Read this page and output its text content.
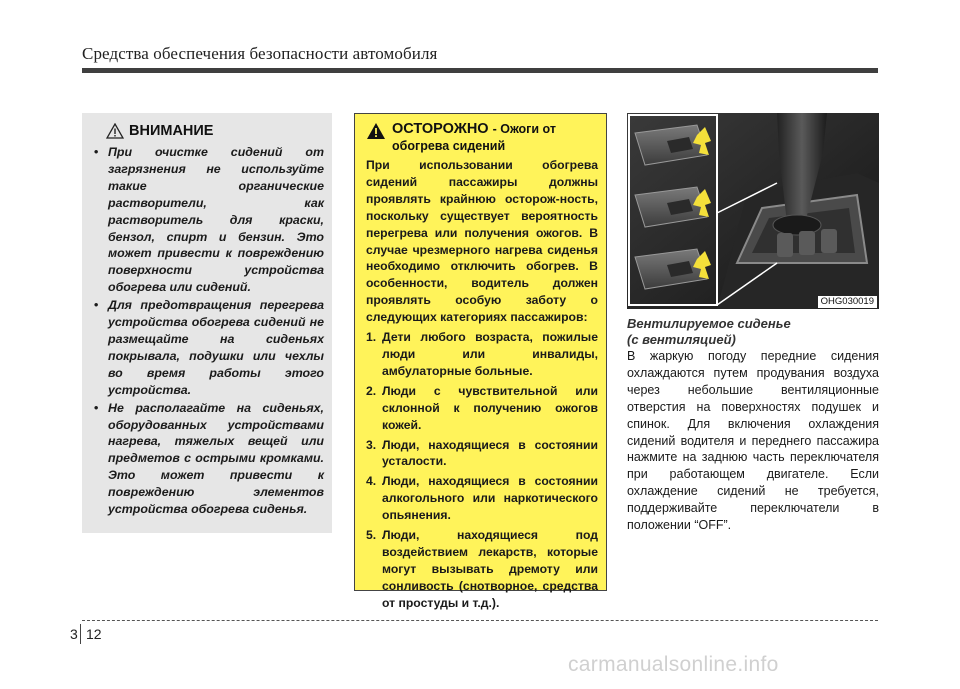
Средства обеспечения безопасности автомобиля
ВНИМАНИЕ
• При очистке сидений от загрязнения не используйте такие органические растворители, как растворитель для краски, бензол, спирт и бензин. Это может привести к повреждению поверхности устройства обогрева или сидений.
• Для предотвращения перегрева устройства обогрева сидений не размещайте на сиденьях покрывала, подушки или чехлы во время работы этого устройства.
• Не располагайте на сиденьях, оборудованных устройствами нагрева, тяжелых вещей или предметов с острыми кромками. Это может привести к повреждению элементов устройства обогрева сиденья.
ОСТОРОЖНО - Ожоги от обогрева сидений

При использовании обогрева сидений пассажиры должны проявлять крайнюю осторож-ность, поскольку существует вероятность перегрева или получения ожогов. В случае чрезмерного нагрева сиденья необходимо отключить обогрев. В особенности, водитель должен проявлять особую заботу о следующих категориях пассажиров:

1. Дети любого возраста, пожилые люди или инвалиды, амбулаторные больные.
2. Люди с чувствительной или склонной к получению ожогов кожей.
3. Люди, находящиеся в состоянии усталости.
4. Люди, находящиеся в состоянии алкогольного или наркотического опьянения.
5. Люди, находящиеся под воздействием лекарств, которые могут вызывать дремоту или сонливость (снотворное, средства от простуды и т.д.).
OHG030019
Вентилируемое сиденье
(с вентиляцией)

В жаркую погоду передние сидения охлаждаются путем продувания воздуха через небольшие вентиляционные отверстия на поверхностях подушек и спинок. Для включения охлаждения сидений водителя и переднего пассажира нажмите на заднюю часть переключателя при работающем двигателе. Если охлаждение сидений не требуется, поддерживайте переключатели в положении “OFF”.

3 12
carmanualsonline.info
